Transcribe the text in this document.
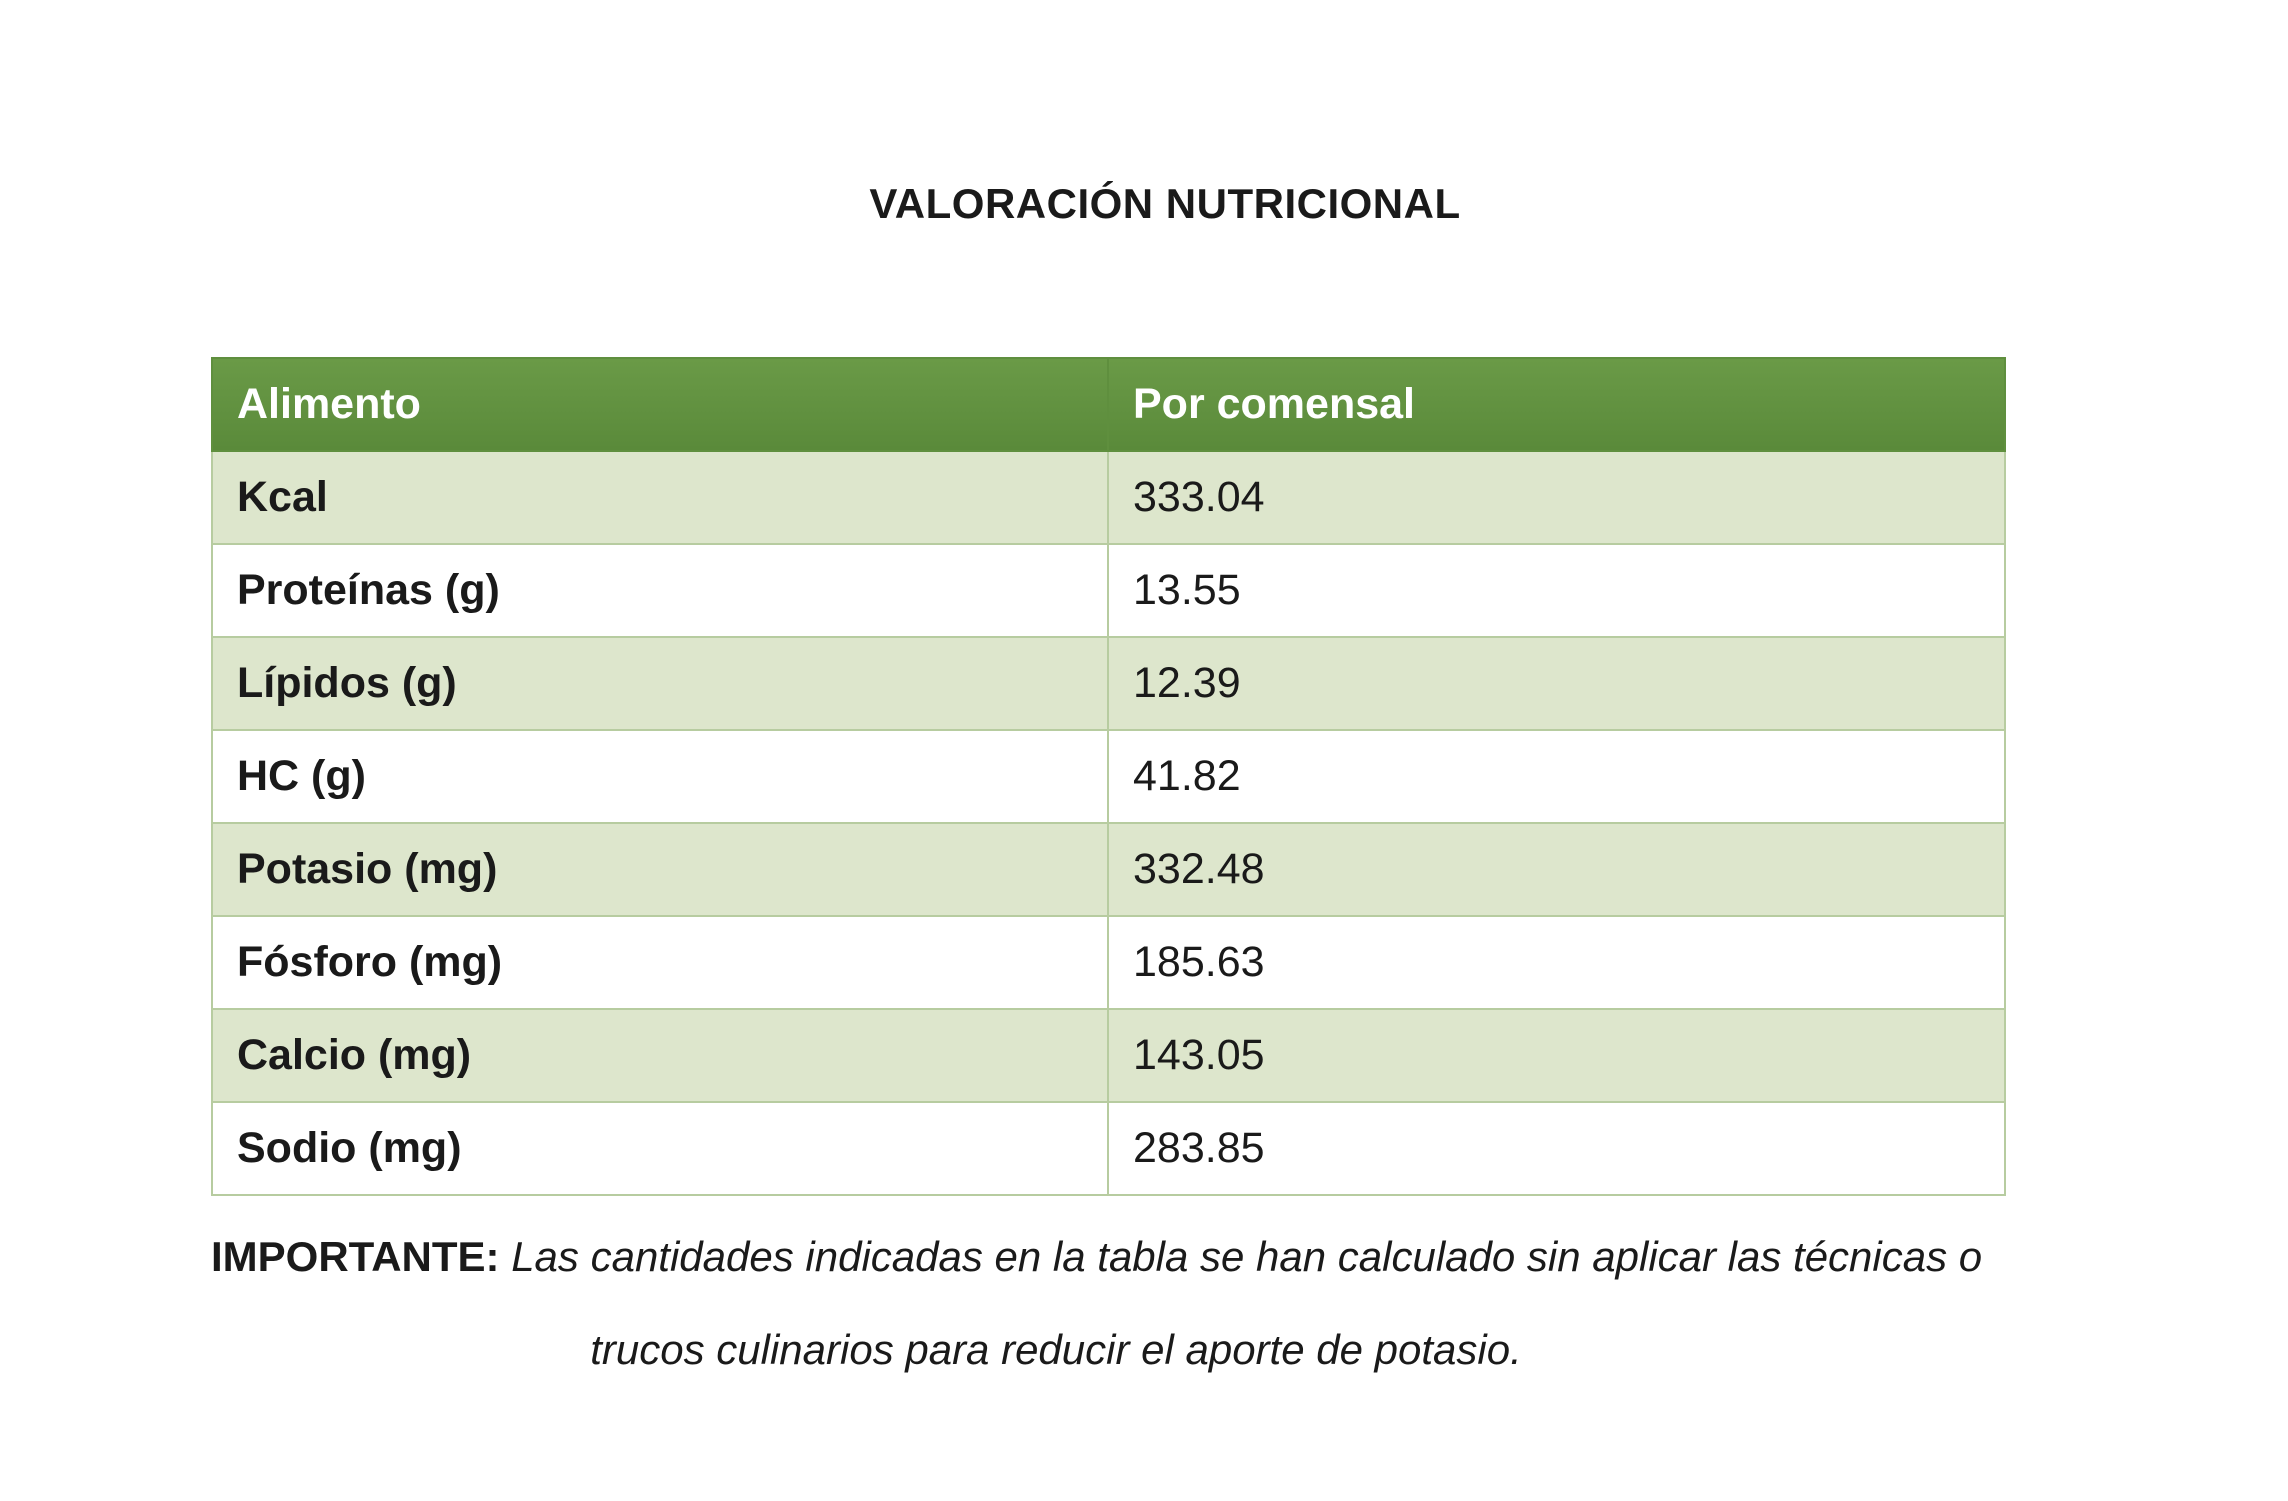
VALORACIÓN NUTRICIONAL
Alimento	Por comensal
Kcal	333.04
Proteínas (g)	13.55
Lípidos (g)	12.39
HC (g)	41.82
Potasio (mg)	332.48
Fósforo (mg)	185.63
Calcio (mg)	143.05
Sodio (mg)	283.85
IMPORTANTE: Las cantidades indicadas en la tabla se han calculado sin aplicar las técnicas o
trucos culinarios para reducir el aporte de potasio.
